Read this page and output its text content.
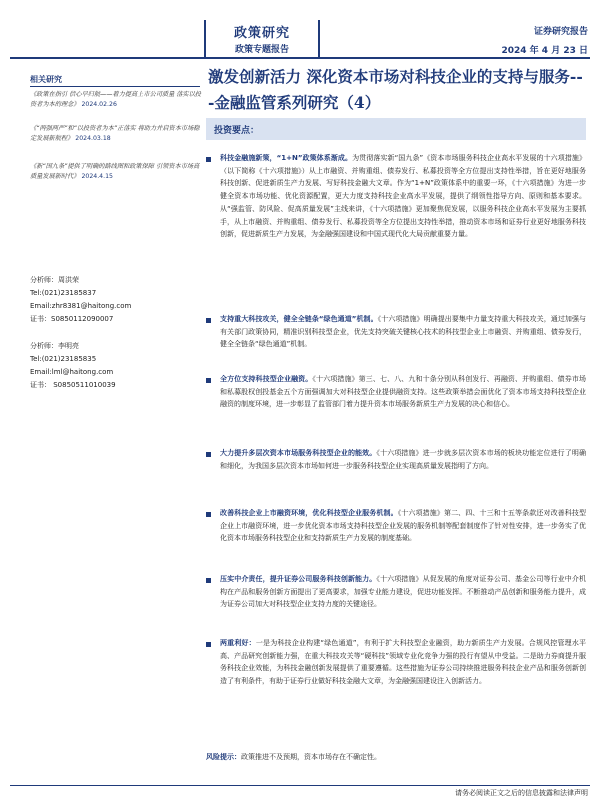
政策研究
政策专题报告
证券研究报告
2024 年 4 月 23 日
相关研究
《政策在指引 信心早归航——着力提高上市公司质量 落实以投资者为本的理念》 2024.02.26
《“两强两严”和“以投资者为本”正落实 将助力并启资本市场稳定发展新航程》 2024.03.18
《新“国九条”提供了明确的路线图和政策保障 引领资本市场高质量发展新时代》 2024.4.15
分析师：周洪荣
Tel:(021)23185837
Email:zhr8381@haitong.com
证书：S0850112090007
分析师：李明亮
Tel:(021)23185835
Email:lml@haitong.com
证书： S0850511010039
激发创新活力 深化资本市场对科技企业的支持与服务---金融监管系列研究（4）
投资要点：
科技金融施新策，“1+N”政策体系渐成。为贯彻落实新“国九条”《资本市场服务科技企业高水平发展的十六项措施》（以下简称《十六项措施》）从上市融资、并购重组、债券发行、私募投资等全方位提出支持性举措，旨在更好地服务科技创新、促进新质生产力发展、写好科技金融大文章。作为“1+N”政策体系中的重要一环，《十六项措施》为进一步健全资本市场功能、优化资源配置，更大力度支持科技企业高水平发展，提供了纲领性指导方向、原则和基本要求。从“强监管、防风险、促高质量发展”主线来讲，《十六项措施》更加聚焦促发展，以服务科技企业高水平发展为主要抓手，从上市融资、并购重组、债券发行、私募投资等全方位提出支持性举措，推动资本市场和证券行业更好地服务科技创新，促进新质生产力发展，为金融强国建设和中国式现代化大局贡献重要力量。
支持重大科技攻关，健全全链条“绿色通道”机制。《十六项措施》明确提出要集中力量支持重大科技攻关，通过加强与有关部门政策协同，精准识别科技型企业，优先支持突破关键核心技术的科技型企业上市融资、并购重组、债券发行，健全全链条“绿色通道”机制。
全方位支持科技型企业融资。《十六项措施》第三、七、八、九和十条分别从科创发行、再融资、并购重组、债券市场和私募股权创投基金五个方面强调加大对科技型企业提供融资支持。这些政策举措会面优化了资本市场支持科技型企业融资的制度环境，进一步彰显了监管部门着力提升资本市场服务新质生产力发展的决心和信心。
大力提升多层次资本市场服务科技型企业的能效。《十六项措施》进一步就多层次资本市场的板块功能定位进行了明确和细化，为我国多层次资本市场如何进一步服务科技型企业实现高质量发展指明了方向。
改善科技企业上市融资环境，优化科技型企业服务机制。《十六项措施》第二、四、十三和十五等条款还对改善科技型企业上市融资环境，进一步优化资本市场支持科技型企业发展的服务机制等配套制度作了针对性安排，进一步务实了优化资本市场服务科技型企业和支持新质生产力发展的制度基础。
压实中介责任，提升证券公司服务科技创新能力。《十六项措施》从促发展的角度对证券公司、基金公司等行业中介机构在产品和服务创新方面提出了更高要求，加强专业能力建设，促进功能发挥。不断推动产品创新和服务能力提升，成为证券公司加大对科技型企业支持力度的关键途径。
两重利好：一是为科技企业构建“绿色通道”，有利于扩大科技型企业融资，助力新质生产力发展。合规风控管理水平高、产品研究创新能力强，在重大科技攻关等“硬科技”领域专业化竞争力强的投行有望从中受益。二是助力券商提升服务科技企业效能，为科技金融创新发展提供了重要遵循。这些措施为证券公司持续推进服务科技企业产品和服务创新创造了有利条件，有助于证券行业做好科技金融大文章，为金融强国建设注入创新活力。
风险提示：政策推进不及预期，资本市场存在不确定性。
请务必阅读正文之后的信息披露和法律声明
